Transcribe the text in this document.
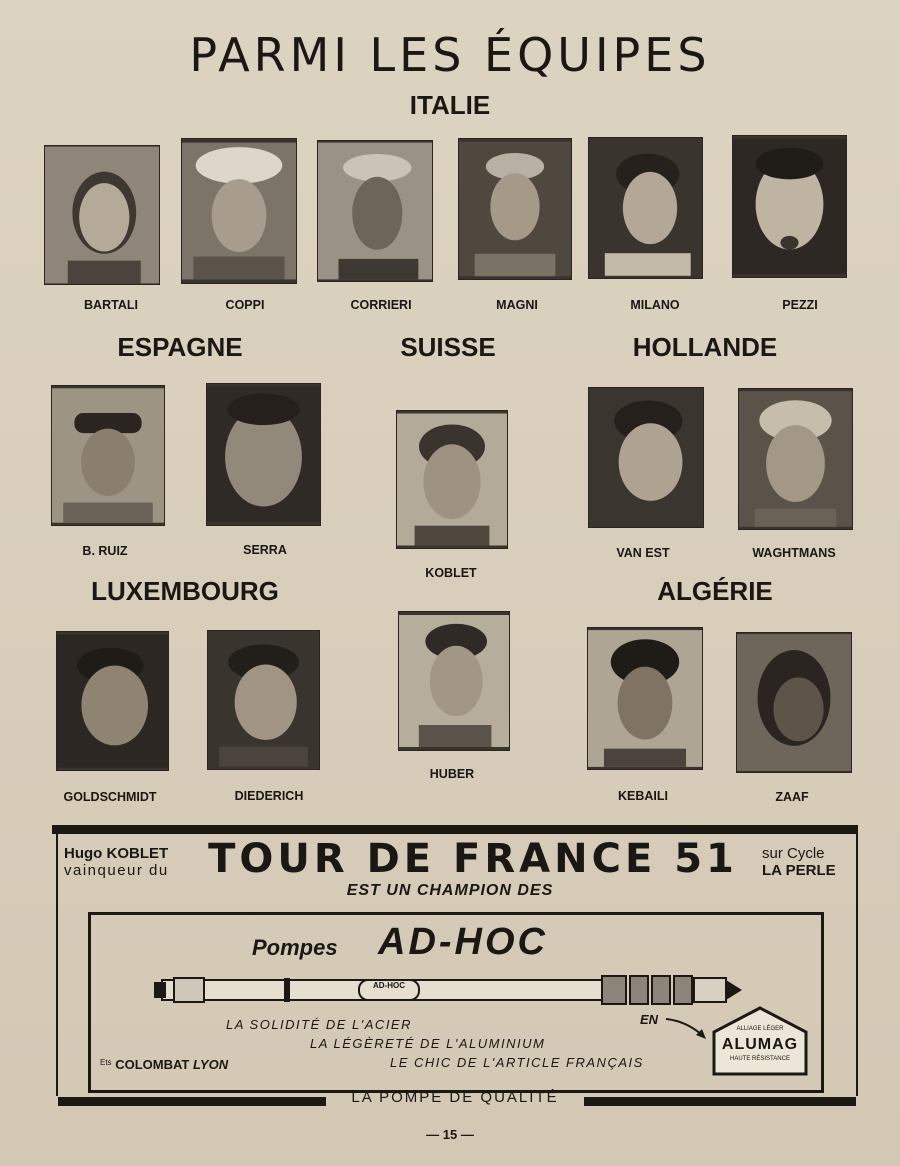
PARMI LES ÉQUIPES
ITALIE
BARTALI	COPPI	CORRIERI	MAGNI	MILANO	PEZZI
ESPAGNE	SUISSE	HOLLANDE
B. RUIZ	SERRA
KOBLET
VAN EST	WAGHTMANS
LUXEMBOURG	ALGÉRIE
GOLDSCHMIDT	DIEDERICH
HUBER
KEBAILI	ZAAF
Hugo KOBLET
vainqueur du TOUR DE FRANCE 51 sur Cycle
LA PERLE
EST UN CHAMPION DES
Pompes AD-HOC
AD-HOC
LA SOLIDITÉ DE L'ACIER
LA LÉGÈRETÉ DE L'ALUMINIUM
LE CHIC DE L'ARTICLE FRANÇAIS
EN
ALLIAGE LÉGER
ALUMAG
HAUTE RÉSISTANCE
$^{Ets}$ COLOMBAT LYON
LA POMPE DE QUALITÉ
— 15 —
